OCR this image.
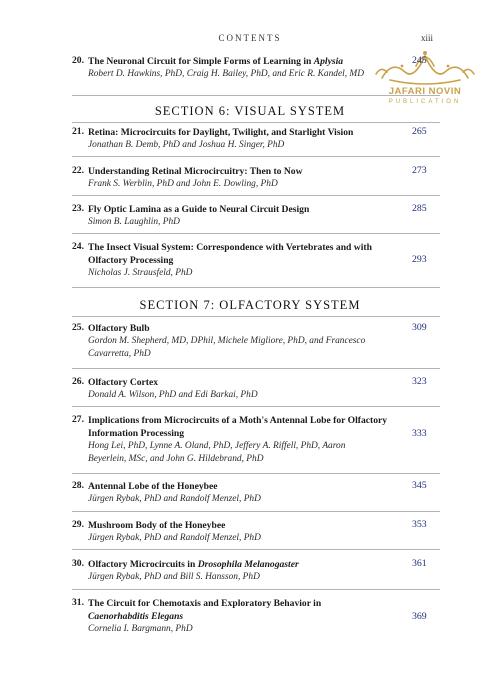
CONTENTS	xiii
JAFARI NOVIN
PUBLICATION
20. The Neuronal Circuit for Simple Forms of Learning in Aplysia
Robert D. Hawkins, PhD, Craig H. Bailey, PhD, and Eric R. Kandel, MD
245
SECTION 6: VISUAL SYSTEM
21. Retina: Microcircuits for Daylight, Twilight, and Starlight Vision
Jonathan B. Demb, PhD and Joshua H. Singer, PhD
265
22. Understanding Retinal Microcircuitry: Then to Now
Frank S. Werblin, PhD and John E. Dowling, PhD
273
23. Fly Optic Lamina as a Guide to Neural Circuit Design
Simon B. Laughlin, PhD
285
24. The Insect Visual System: Correspondence with Vertebrates and with Olfactory Processing
Nicholas J. Strausfeld, PhD
293
SECTION 7: OLFACTORY SYSTEM
25. Olfactory Bulb
Gordon M. Shepherd, MD, DPhil, Michele Migliore, PhD, and Francesco Cavarretta, PhD
309
26. Olfactory Cortex
Donald A. Wilson, PhD and Edi Barkai, PhD
323
27. Implications from Microcircuits of a Moth's Antennal Lobe for Olfactory Information Processing
Hong Lei, PhD, Lynne A. Oland, PhD, Jeffery A. Riffell, PhD, Aaron Beyerlein, MSc, and John G. Hildebrand, PhD
333
28. Antennal Lobe of the Honeybee
Jürgen Rybak, PhD and Randolf Menzel, PhD
345
29. Mushroom Body of the Honeybee
Jürgen Rybak, PhD and Randolf Menzel, PhD
353
30. Olfactory Microcircuits in Drosophila Melanogaster
Jürgen Rybak, PhD and Bill S. Hansson, PhD
361
31. The Circuit for Chemotaxis and Exploratory Behavior in Caenorhabditis Elegans
Cornelia I. Bargmann, PhD
369
